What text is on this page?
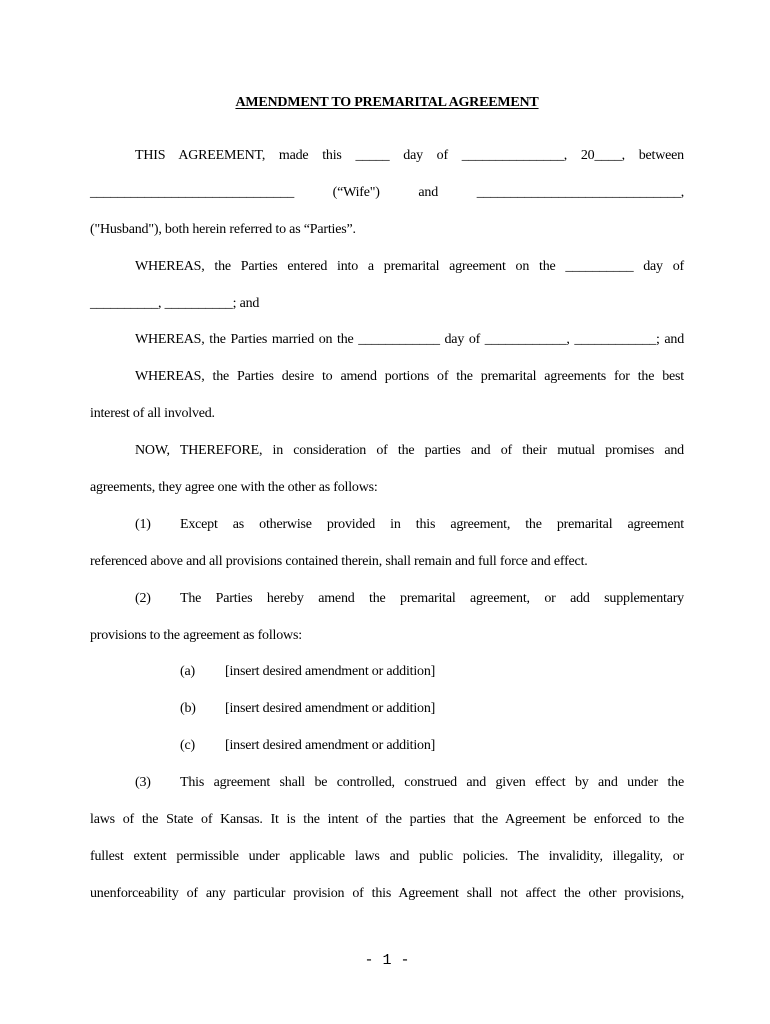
AMENDMENT TO PREMARITAL AGREEMENT
THIS AGREEMENT, made this _____ day of _______________, 20____, between
______________________________ (“Wife") and ______________________________,
("Husband"), both herein referred to as “Parties”.
WHEREAS, the Parties entered into a premarital agreement on the __________ day of
__________, __________; and
WHEREAS, the Parties married on the ____________ day of ____________, ____________; and
WHEREAS, the Parties desire to amend portions of the premarital agreements for the best
interest of all involved.
NOW, THEREFORE, in consideration of the parties and of their mutual promises and
agreements, they agree one with the other as follows:
(1) Except as otherwise provided in this agreement, the premarital agreement
referenced above and all provisions contained therein, shall remain and full force and effect.
(2) The Parties hereby amend the premarital agreement, or add supplementary
provisions to the agreement as follows:
(a) [insert desired amendment or addition]
(b) [insert desired amendment or addition]
(c) [insert desired amendment or addition]
(3) This agreement shall be controlled, construed and given effect by and under the
laws of the State of Kansas. It is the intent of the parties that the Agreement be enforced to the
fullest extent permissible under applicable laws and public policies. The invalidity, illegality, or
unenforceability of any particular provision of this Agreement shall not affect the other provisions,
- 1 -
